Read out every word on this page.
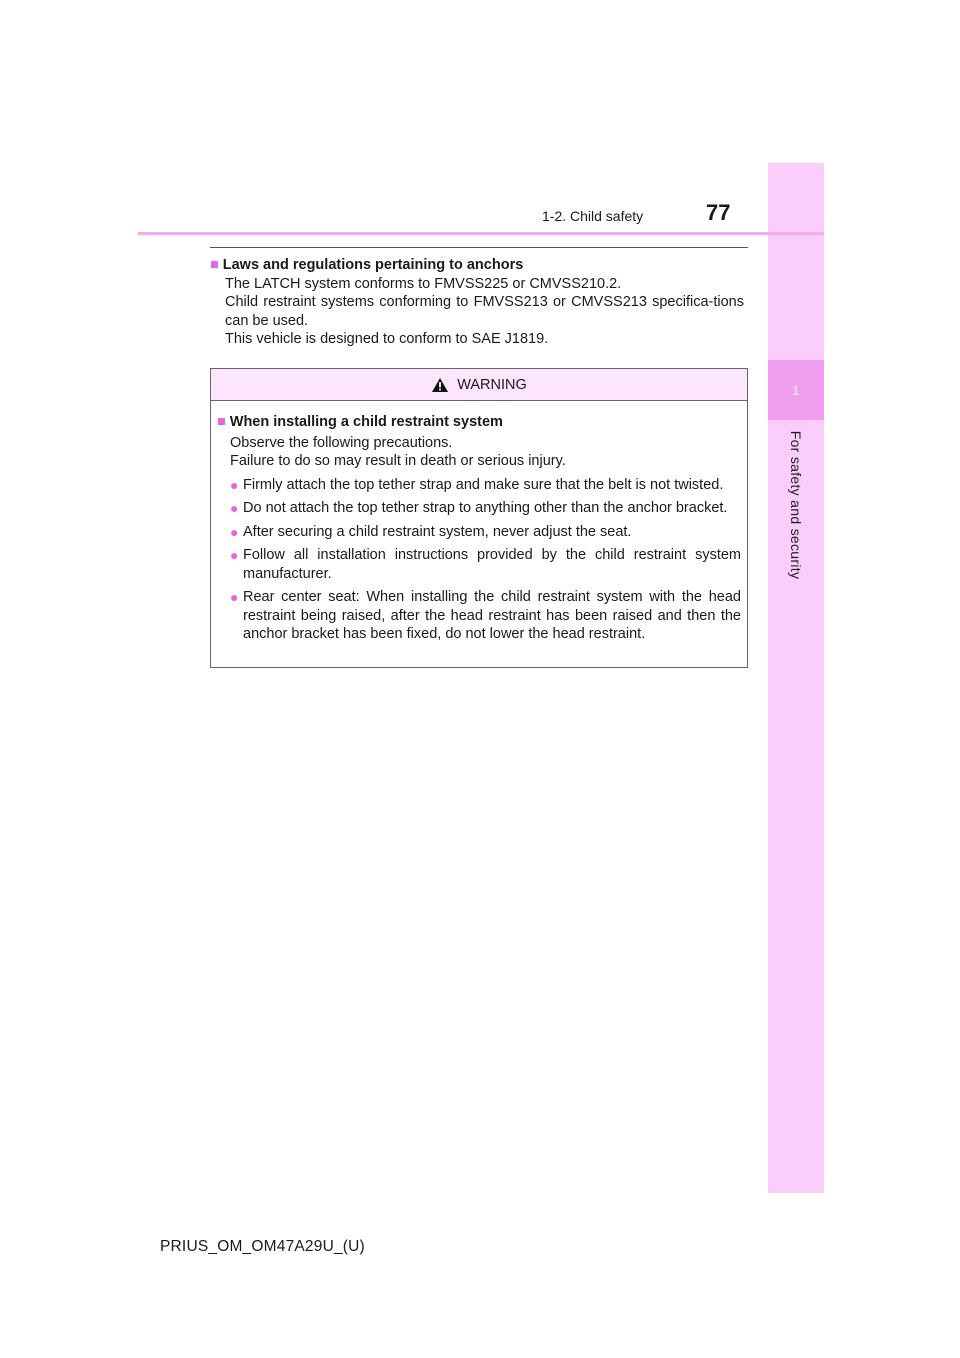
1
For safety and security
1-2. Child safety	77
■ Laws and regulations pertaining to anchors

The LATCH system conforms to FMVSS225 or CMVSS210.2.

Child restraint systems conforming to FMVSS213 or CMVSS213 specifica-tions can be used.

This vehicle is designed to conform to SAE J1819.

WARNING
■ When installing a child restraint system

Observe the following precautions.

Failure to do so may result in death or serious injury.

● Firmly attach the top tether strap and make sure that the belt is not twisted.
● Do not attach the top tether strap to anything other than the anchor bracket.
● After securing a child restraint system, never adjust the seat.
● Follow all installation instructions provided by the child restraint system manufacturer.
● Rear center seat: When installing the child restraint system with the head restraint being raised, after the head restraint has been raised and then the anchor bracket has been fixed, do not lower the head restraint.
PRIUS_OM_OM47A29U_(U)
